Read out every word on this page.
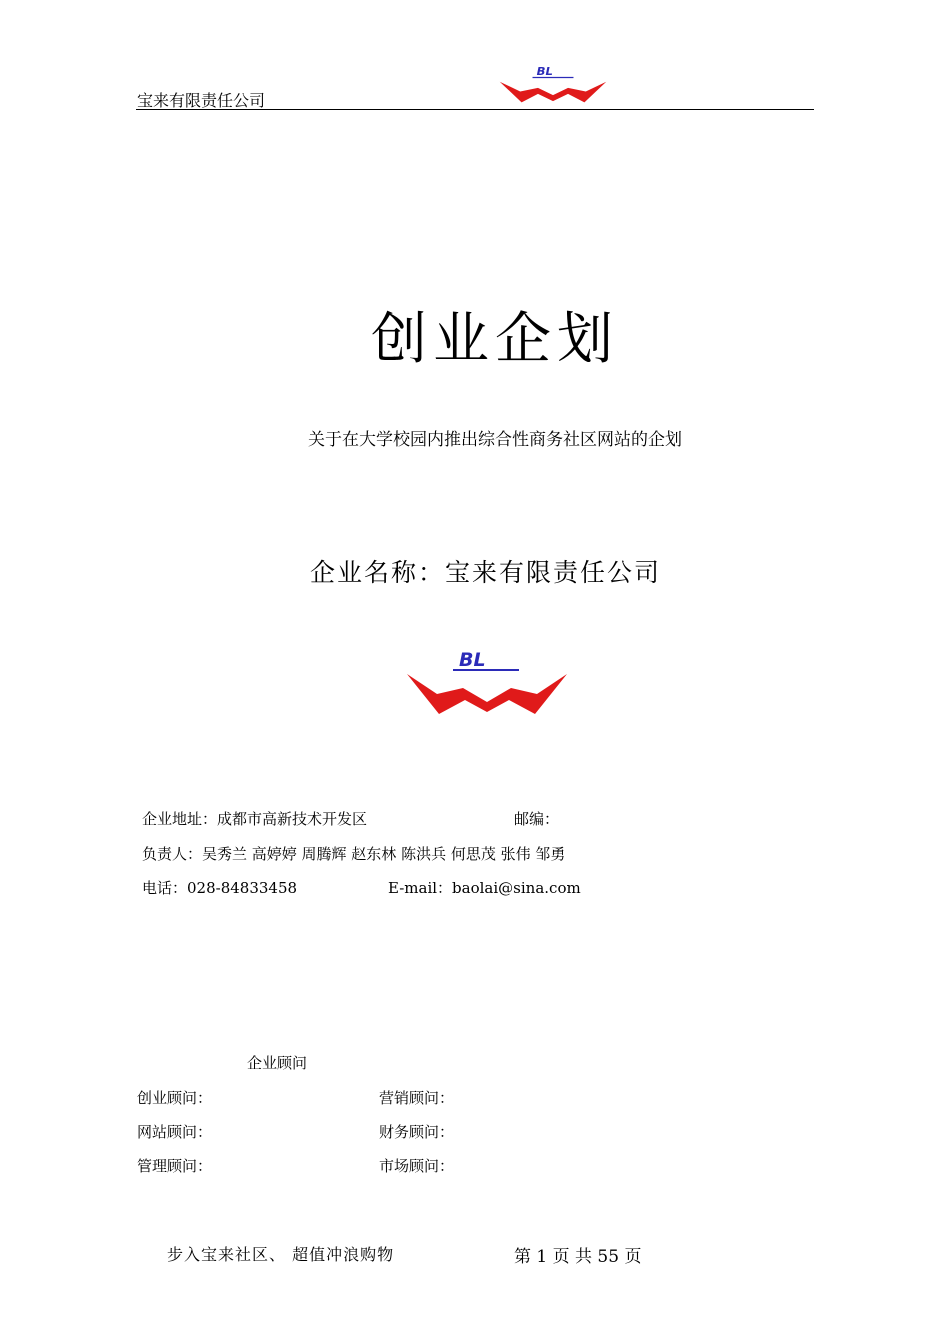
宝来有限责任公司
BL
创业企划
关于在大学校园内推出综合性商务社区网站的企划
企业名称：宝来有限责任公司
BL
企业地址：成都市高新技术开发区	邮编：
负责人：吴秀兰 高婷婷 周腾辉 赵东林 陈洪兵 何思茂 张伟 邹勇
电话：028-84833458	E-mail：baolai@sina.com
企业顾问
创业顾问：	营销顾问：
网站顾问：	财务顾问：
管理顾问：	市场顾问：
步入宝来社区、 超值冲浪购物	第 1 页 共 55 页
